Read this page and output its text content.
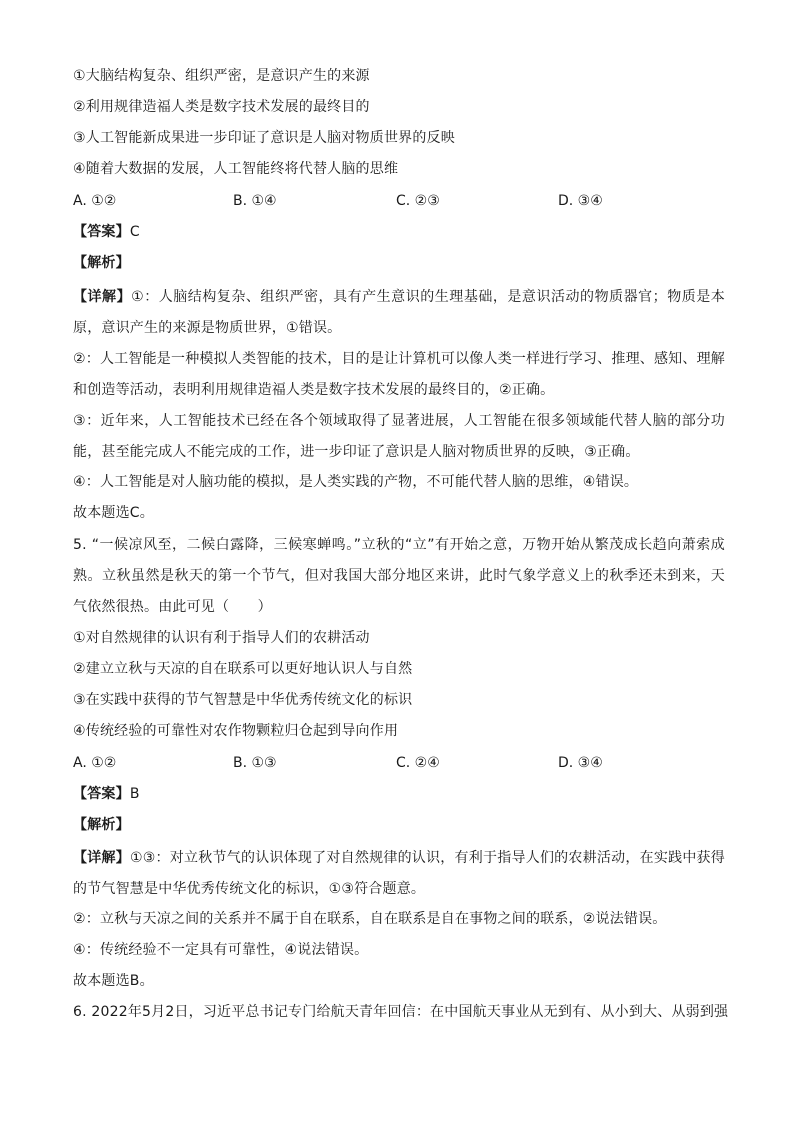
①大脑结构复杂、组织严密，是意识产生的来源
②利用规律造福人类是数字技术发展的最终目的
③人工智能新成果进一步印证了意识是人脑对物质世界的反映
④随着大数据的发展，人工智能终将代替人脑的思维
A. ①②	B. ①④	C. ②③	D. ③④
【答案】C
【解析】
【详解】①：人脑结构复杂、组织严密，具有产生意识的生理基础，是意识活动的物质器官；物质是本原，意识产生的来源是物质世界，①错误。
②：人工智能是一种模拟人类智能的技术，目的是让计算机可以像人类一样进行学习、推理、感知、理解和创造等活动，表明利用规律造福人类是数字技术发展的最终目的，②正确。
③：近年来，人工智能技术已经在各个领域取得了显著进展，人工智能在很多领域能代替人脑的部分功能，甚至能完成人不能完成的工作，进一步印证了意识是人脑对物质世界的反映，③正确。
④：人工智能是对人脑功能的模拟，是人类实践的产物，不可能代替人脑的思维，④错误。
故本题选C。
5. “一候凉风至，二候白露降，三候寒蝉鸣。”立秋的“立”有开始之意，万物开始从繁茂成长趋向萧索成熟。立秋虽然是秋天的第一个节气，但对我国大部分地区来讲，此时气象学意义上的秋季还未到来，天气依然很热。由此可见（　　）
①对自然规律的认识有利于指导人们的农耕活动
②建立立秋与天凉的自在联系可以更好地认识人与自然
③在实践中获得的节气智慧是中华优秀传统文化的标识
④传统经验的可靠性对农作物颗粒归仓起到导向作用
A. ①②	B. ①③	C. ②④	D. ③④
【答案】B
【解析】
【详解】①③：对立秋节气的认识体现了对自然规律的认识，有利于指导人们的农耕活动，在实践中获得的节气智慧是中华优秀传统文化的标识，①③符合题意。
②：立秋与天凉之间的关系并不属于自在联系，自在联系是自在事物之间的联系，②说法错误。
④：传统经验不一定具有可靠性，④说法错误。
故本题选B。
6. 2022年5月2日，习近平总书记专门给航天青年回信：在中国航天事业从无到有、从小到大、从弱到强
